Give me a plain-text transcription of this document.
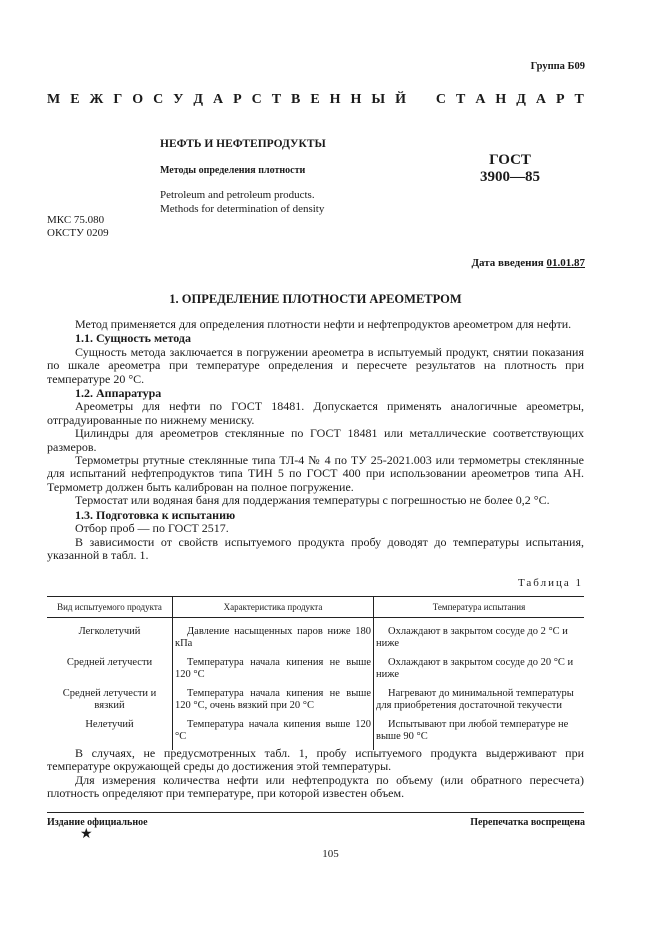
Группа Б09
М Е Ж Г О С У Д А Р С Т В Е Н Н Ы Й С Т А Н Д А Р Т
НЕФТЬ И НЕФТЕПРОДУКТЫ
Методы определения плотности
Petroleum and petroleum products.
Methods for determination of density
ГОСТ
3900—85
МКС 75.080
ОКСТУ 0209
Дата введения 01.01.87
1. ОПРЕДЕЛЕНИЕ ПЛОТНОСТИ АРЕОМЕТРОМ

Метод применяется для определения плотности нефти и нефтепродуктов ареометром для нефти.

1.1. Сущность метода

Сущность метода заключается в погружении ареометра в испытуемый продукт, снятии показания по шкале ареометра при температуре определения и пересчете результатов на плотность при температуре 20 °С.

1.2. Аппаратура

Ареометры для нефти по ГОСТ 18481. Допускается применять аналогичные ареометры, отградуированные по нижнему мениску.

Цилиндры для ареометров стеклянные по ГОСТ 18481 или металлические соответствующих размеров.

Термометры ртутные стеклянные типа ТЛ-4 № 4 по ТУ 25-2021.003 или термометры стеклянные для испытаний нефтепродуктов типа ТИН 5 по ГОСТ 400 при использовании ареометров типа АН. Термометр должен быть калиброван на полное погружение.

Термостат или водяная баня для поддержания температуры с погрешностью не более 0,2 °С.

1.3. Подготовка к испытанию

Отбор проб — по ГОСТ 2517.

В зависимости от свойств испытуемого продукта пробу доводят до температуры испытания, указанной в табл. 1.

Таблица 1
Вид испытуемого продукта	Характеристика продукта	Температура испытания
Легколетучий	Давление насыщенных паров ниже 180 кПа	Охлаждают в закрытом сосуде до 2 °С и ниже

Средней летучести	Температура начала кипения не выше 120 °С	Охлаждают в закрытом сосуде до 20 °С и ниже

Средней летучести и вязкий	Температура начала кипения не выше 120 °С, очень вязкий при 20 °С	Нагревают до минимальной температуры для приобретения достаточной текучести

Нелетучий	Температура начала кипения выше 120 °С	Испытывают при любой температуре не выше 90 °С

В случаях, не предусмотренных табл. 1, пробу испытуемого продукта выдерживают при температуре окружающей среды до достижения этой температуры.

Для измерения количества нефти или нефтепродукта по объему (или обратного пересчета) плотность определяют при температуре, при которой известен объем.

Издание официальное	Перепечатка воспрещена
★
105
